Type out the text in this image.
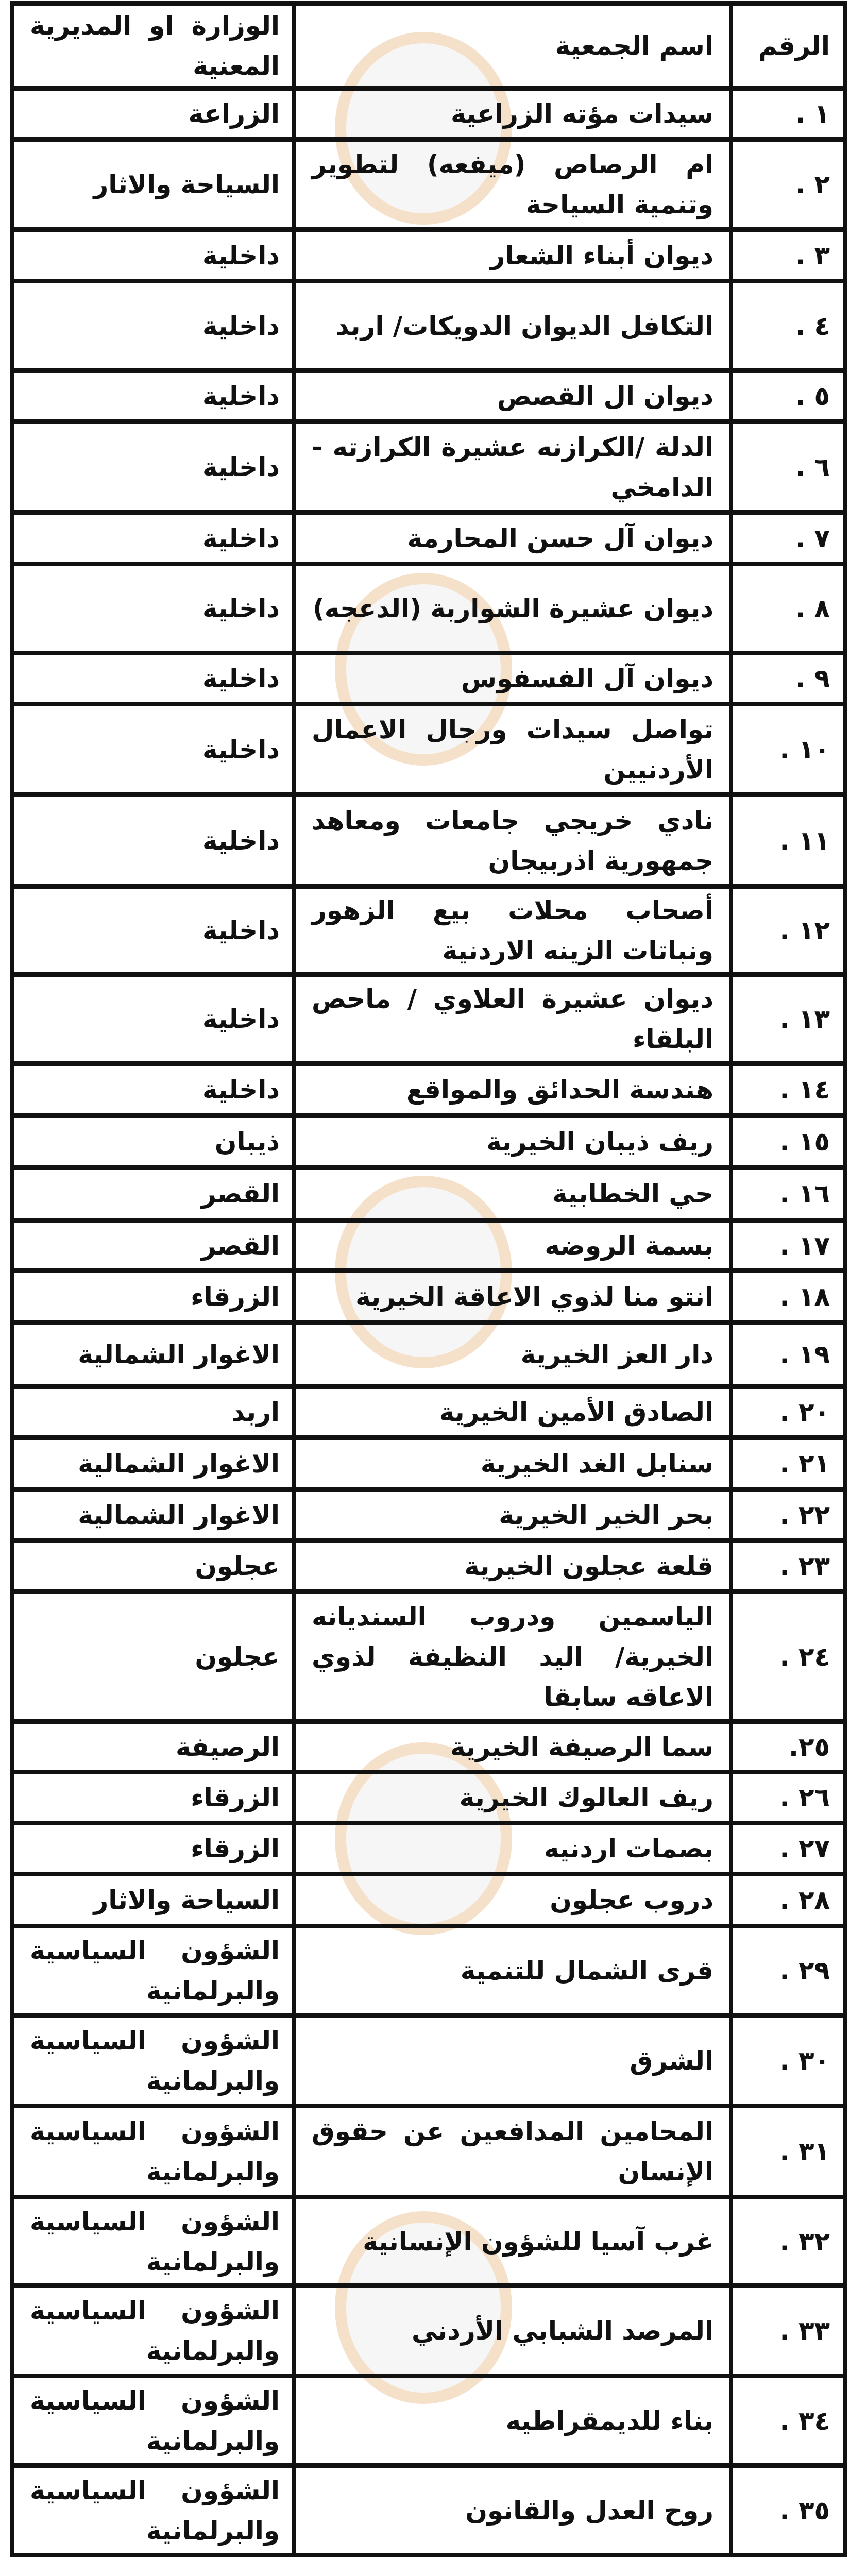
الرقم
اسم الجمعية
الوزارة او المديرية المعنية
١ .
سيدات مؤته الزراعية
الزراعة
٢ .
ام الرصاص (ميفعه) لتطوير وتنمية السياحة
السياحة والاثار
٣ .
ديوان أبناء الشعار
داخلية
٤ .
التكافل الديوان الدويكات/ اربد
داخلية
٥ .
ديوان ال القصص
داخلية
٦ .
الدلة /الكرازنه عشيرة الكرازته - الدامخي
داخلية
٧ .
ديوان آل حسن المحارمة
داخلية
٨ .
ديوان عشيرة الشواربة (الدعجه)
داخلية
٩ .
ديوان آل الفسفوس
داخلية
١٠ .
تواصل سيدات ورجال الاعمال الأردنيين
داخلية
١١ .
نادي خريجي جامعات ومعاهد جمهورية اذربيجان
داخلية
١٢ .
أصحاب محلات بيع الزهور ونباتات الزينه الاردنية
داخلية
١٣ .
ديوان عشيرة العلاوي / ماحص البلقاء
داخلية
١٤ .
هندسة الحدائق والمواقع
داخلية
١٥ .
ريف ذيبان الخيرية
ذيبان
١٦ .
حي الخطابية
القصر
١٧ .
بسمة الروضه
القصر
١٨ .
انتو منا لذوي الاعاقة الخيرية
الزرقاء
١٩ .
دار العز الخيرية
الاغوار الشمالية
٢٠ .
الصادق الأمين الخيرية
اربد
٢١ .
سنابل الغد الخيرية
الاغوار الشمالية
٢٢ .
بحر الخير الخيرية
الاغوار الشمالية
٢٣ .
قلعة عجلون الخيرية
عجلون
٢٤ .
الياسمين ودروب السنديانه الخيرية/ اليد النظيفة لذوي الاعاقه سابقا
عجلون
٢٥.
سما الرصيفة الخيرية
الرصيفة
٢٦ .
ريف العالوك الخيرية
الزرقاء
٢٧ .
بصمات اردنيه
الزرقاء
٢٨ .
دروب عجلون
السياحة والاثار
٢٩ .
قرى الشمال للتنمية
الشؤون السياسية والبرلمانية
٣٠ .
الشرق
الشؤون السياسية والبرلمانية
٣١ .
المحامين المدافعين عن حقوق الإنسان
الشؤون السياسية والبرلمانية
٣٢ .
غرب آسيا للشؤون الإنسانية
الشؤون السياسية والبرلمانية
٣٣ .
المرصد الشبابي الأردني
الشؤون السياسية والبرلمانية
٣٤ .
بناء للديمقراطيه
الشؤون السياسية والبرلمانية
٣٥ .
روح العدل والقانون
الشؤون السياسية والبرلمانية
